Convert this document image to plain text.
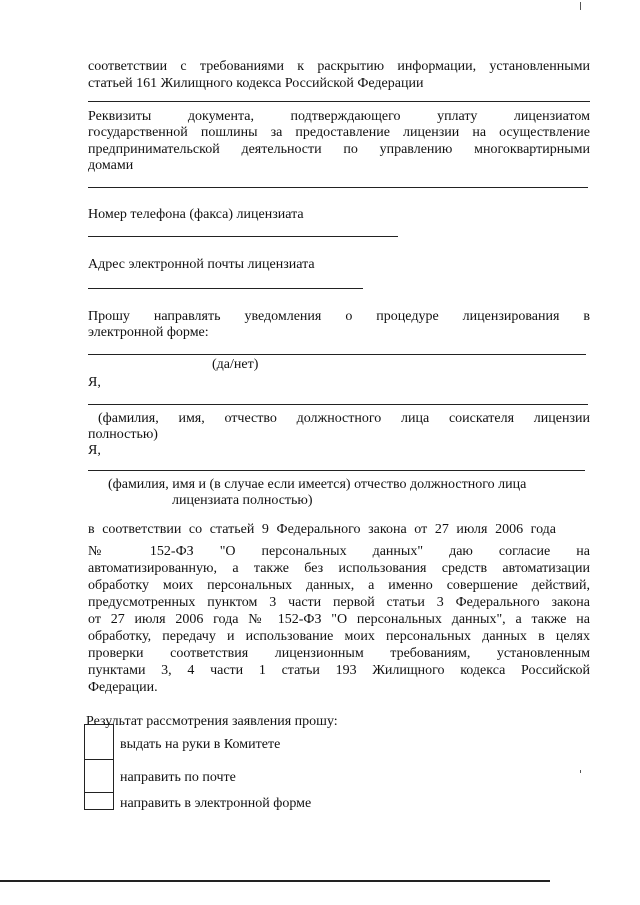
соответствии с требованиями к раскрытию информации, установленными
статьей 161 Жилищного кодекса Российской Федерации
Реквизиты документа, подтверждающего уплату лицензиатом
государственной пошлины за предоставление лицензии на осуществление
предпринимательской деятельности по управлению многоквартирными
домами
Номер телефона (факса) лицензиата
Адрес электронной почты лицензиата
Прошу направлять уведомления о процедуре лицензирования в
электронной форме:
(да/нет)
Я,
(фамилия, имя, отчество должностного лица соискателя лицензии
полностью)
Я,
(фамилия, имя и (в случае если имеется) отчество должностного лица
лицензиата полностью)
в соответствии со статьей 9 Федерального закона от 27 июля 2006 года
№ 152-ФЗ "О персональных данных" даю согласие на
автоматизированную, а также без использования средств автоматизации
обработку моих персональных данных, а именно совершение действий,
предусмотренных пунктом 3 части первой статьи 3 Федерального закона
от 27 июля 2006 года № 152-ФЗ "О персональных данных", а также на
обработку, передачу и использование моих персональных данных в целях
проверки соответствия лицензионным требованиям, установленным
пунктами 3, 4 части 1 статьи 193 Жилищного кодекса Российской
Федерации.
Результат рассмотрения заявления прошу:
выдать на руки в Комитете
направить по почте
направить в электронной форме
